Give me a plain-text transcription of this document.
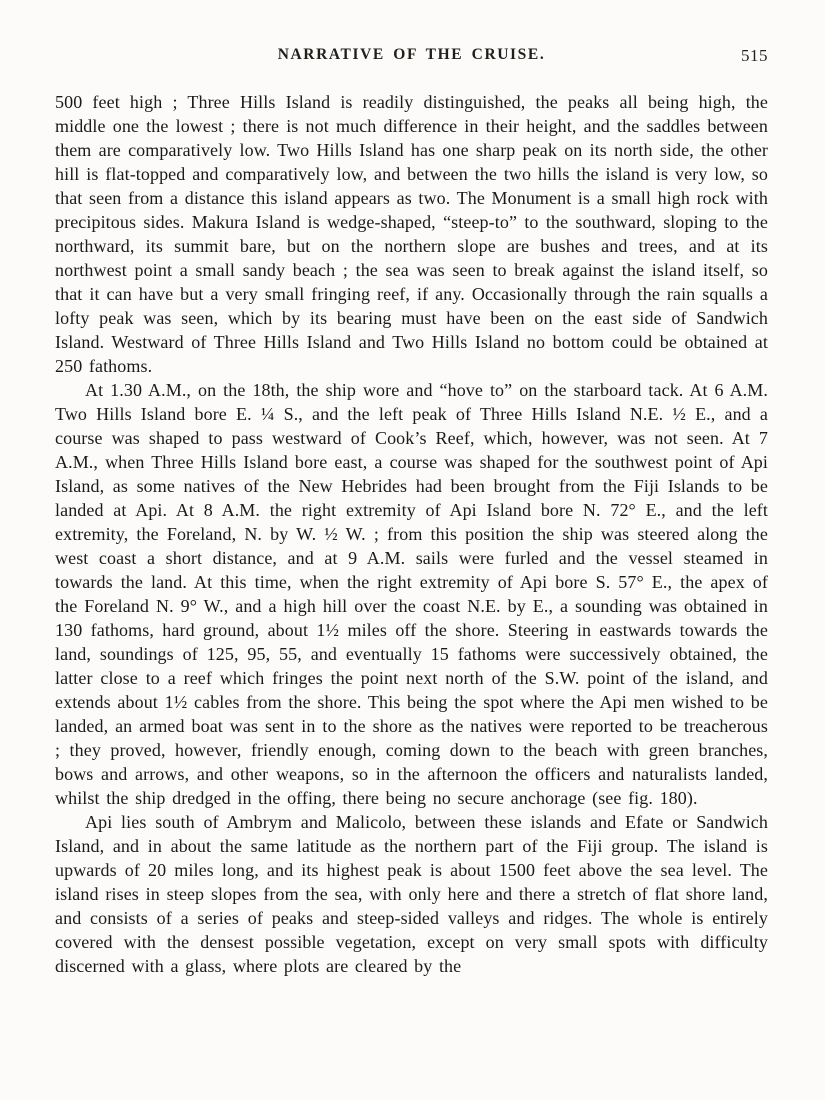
NARRATIVE OF THE CRUISE.	515

500 feet high ; Three Hills Island is readily distinguished, the peaks all being high, the middle one the lowest ; there is not much difference in their height, and the saddles between them are comparatively low. Two Hills Island has one sharp peak on its north side, the other hill is flat-topped and comparatively low, and between the two hills the island is very low, so that seen from a distance this island appears as two. The Monument is a small high rock with precipitous sides. Makura Island is wedge-shaped, “steep-to” to the southward, sloping to the northward, its summit bare, but on the northern slope are bushes and trees, and at its northwest point a small sandy beach ; the sea was seen to break against the island itself, so that it can have but a very small fringing reef, if any. Occasionally through the rain squalls a lofty peak was seen, which by its bearing must have been on the east side of Sandwich Island. Westward of Three Hills Island and Two Hills Island no bottom could be obtained at 250 fathoms.

At 1.30 A.M., on the 18th, the ship wore and “hove to” on the starboard tack. At 6 A.M. Two Hills Island bore E. ¼ S., and the left peak of Three Hills Island N.E. ½ E., and a course was shaped to pass westward of Cook’s Reef, which, however, was not seen. At 7 A.M., when Three Hills Island bore east, a course was shaped for the southwest point of Api Island, as some natives of the New Hebrides had been brought from the Fiji Islands to be landed at Api. At 8 A.M. the right extremity of Api Island bore N. 72° E., and the left extremity, the Foreland, N. by W. ½ W. ; from this position the ship was steered along the west coast a short distance, and at 9 A.M. sails were furled and the vessel steamed in towards the land. At this time, when the right extremity of Api bore S. 57° E., the apex of the Foreland N. 9° W., and a high hill over the coast N.E. by E., a sounding was obtained in 130 fathoms, hard ground, about 1½ miles off the shore. Steering in eastwards towards the land, soundings of 125, 95, 55, and eventually 15 fathoms were successively obtained, the latter close to a reef which fringes the point next north of the S.W. point of the island, and extends about 1½ cables from the shore. This being the spot where the Api men wished to be landed, an armed boat was sent in to the shore as the natives were reported to be treacherous ; they proved, however, friendly enough, coming down to the beach with green branches, bows and arrows, and other weapons, so in the afternoon the officers and naturalists landed, whilst the ship dredged in the offing, there being no secure anchorage (see fig. 180).

Api lies south of Ambrym and Malicolo, between these islands and Efate or Sandwich Island, and in about the same latitude as the northern part of the Fiji group. The island is upwards of 20 miles long, and its highest peak is about 1500 feet above the sea level. The island rises in steep slopes from the sea, with only here and there a stretch of flat shore land, and consists of a series of peaks and steep-sided valleys and ridges. The whole is entirely covered with the densest possible vegetation, except on very small spots with difficulty discerned with a glass, where plots are cleared by the
